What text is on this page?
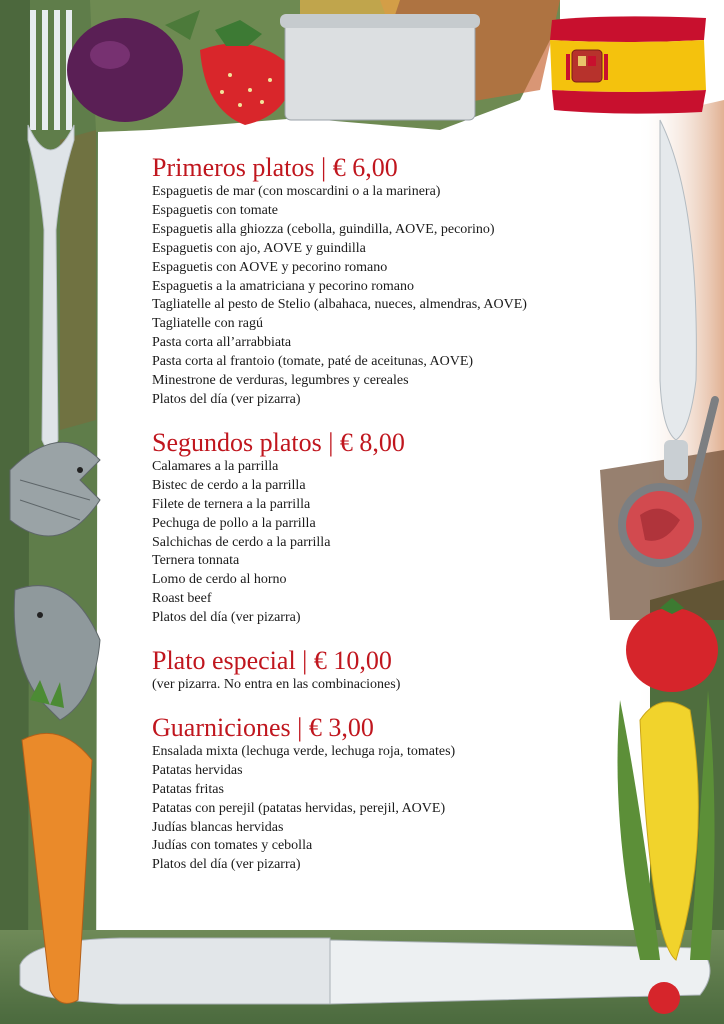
Primeros platos | € 6,00
Espaguetis de mar (con moscardini o a la marinera)
Espaguetis con tomate
Espaguetis alla ghiozza (cebolla, guindilla, AOVE, pecorino)
Espaguetis con ajo, AOVE y guindilla
Espaguetis con AOVE y pecorino romano
Espaguetis a la amatriciana y pecorino romano
Tagliatelle al pesto de Stelio (albahaca, nueces, almendras, AOVE)
Tagliatelle con ragú
Pasta corta all’arrabbiata
Pasta corta al frantoio (tomate, paté de aceitunas, AOVE)
Minestrone de verduras, legumbres y cereales
Platos del día (ver pizarra)
Segundos platos | € 8,00
Calamares a la parrilla
Bistec de cerdo a la parrilla
Filete de ternera a la parrilla
Pechuga de pollo a la parrilla
Salchichas de cerdo a la parrilla
Ternera tonnata
Lomo de cerdo al horno
Roast beef
Platos del día (ver pizarra)
Plato especial | € 10,00

(ver pizarra. No entra en las combinaciones)

Guarniciones | € 3,00
Ensalada mixta (lechuga verde, lechuga roja, tomates)
Patatas hervidas
Patatas fritas
Patatas con perejil (patatas hervidas, perejil, AOVE)
Judías blancas hervidas
Judías con tomates y cebolla
Platos del día (ver pizarra)
